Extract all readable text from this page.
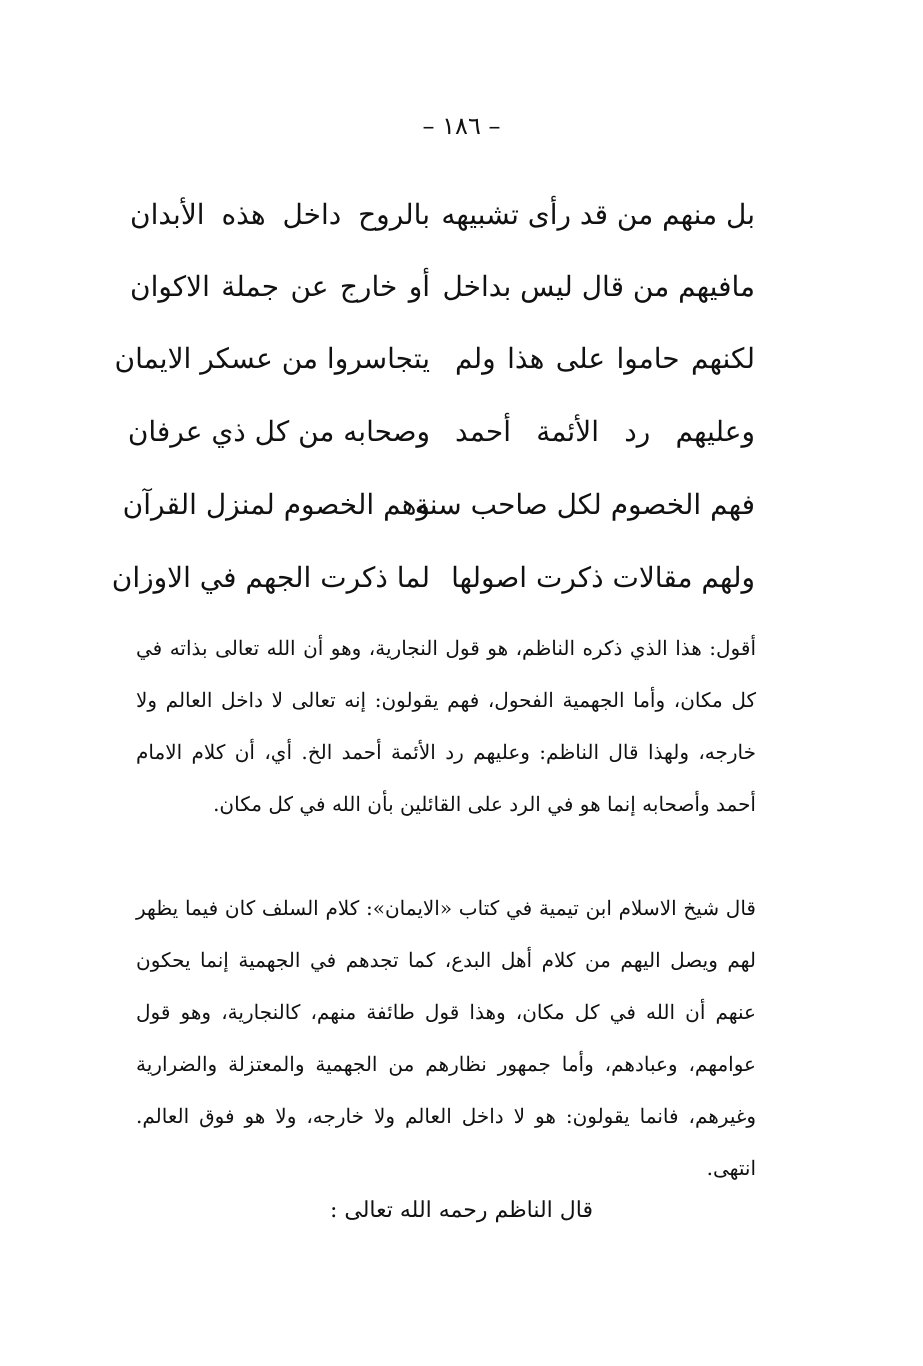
– ١٨٦ –
بل منهم من قد رأى تشبيهه
بالروح داخل هذه الأبدان
مافيهم من قال ليس بداخل
أو خارج عن جملة الاكوان
لكنهم حاموا على هذا ولم
يتجاسروا من عسكر الايمان
وعليهم رد الأئمة أحمد
وصحابه من كل ذي عرفان
فهم الخصوم لكل صاحب سنة
وهم الخصوم لمنزل القرآن
ولهم مقالات ذكرت اصولها
لما ذكرت الجهم في الاوزان

أقول: هذا الذي ذكره الناظم، هو قول النجارية، وهو أن الله تعالى بذاته في كل مكان، وأما الجهمية الفحول، فهم يقولون: إنه تعالى لا داخل العالم ولا خارجه، ولهذا قال الناظم: وعليهم رد الأئمة أحمد الخ. أي، أن كلام الامام أحمد وأصحابه إنما هو في الرد على القائلين بأن الله في كل مكان.

قال شيخ الاسلام ابن تيمية في كتاب «الايمان»: كلام السلف كان فيما يظهر لهم ويصل اليهم من كلام أهل البدع، كما تجدهم في الجهمية إنما يحكون عنهم أن الله في كل مكان، وهذا قول طائفة منهم، كالنجارية، وهو قول عوامهم، وعبادهم، وأما جمهور نظارهم من الجهمية والمعتزلة والضرارية وغيرهم، فانما يقولون: هو لا داخل العالم ولا خارجه، ولا هو فوق العالم. انتهى.

قال الناظم رحمه الله تعالى :
